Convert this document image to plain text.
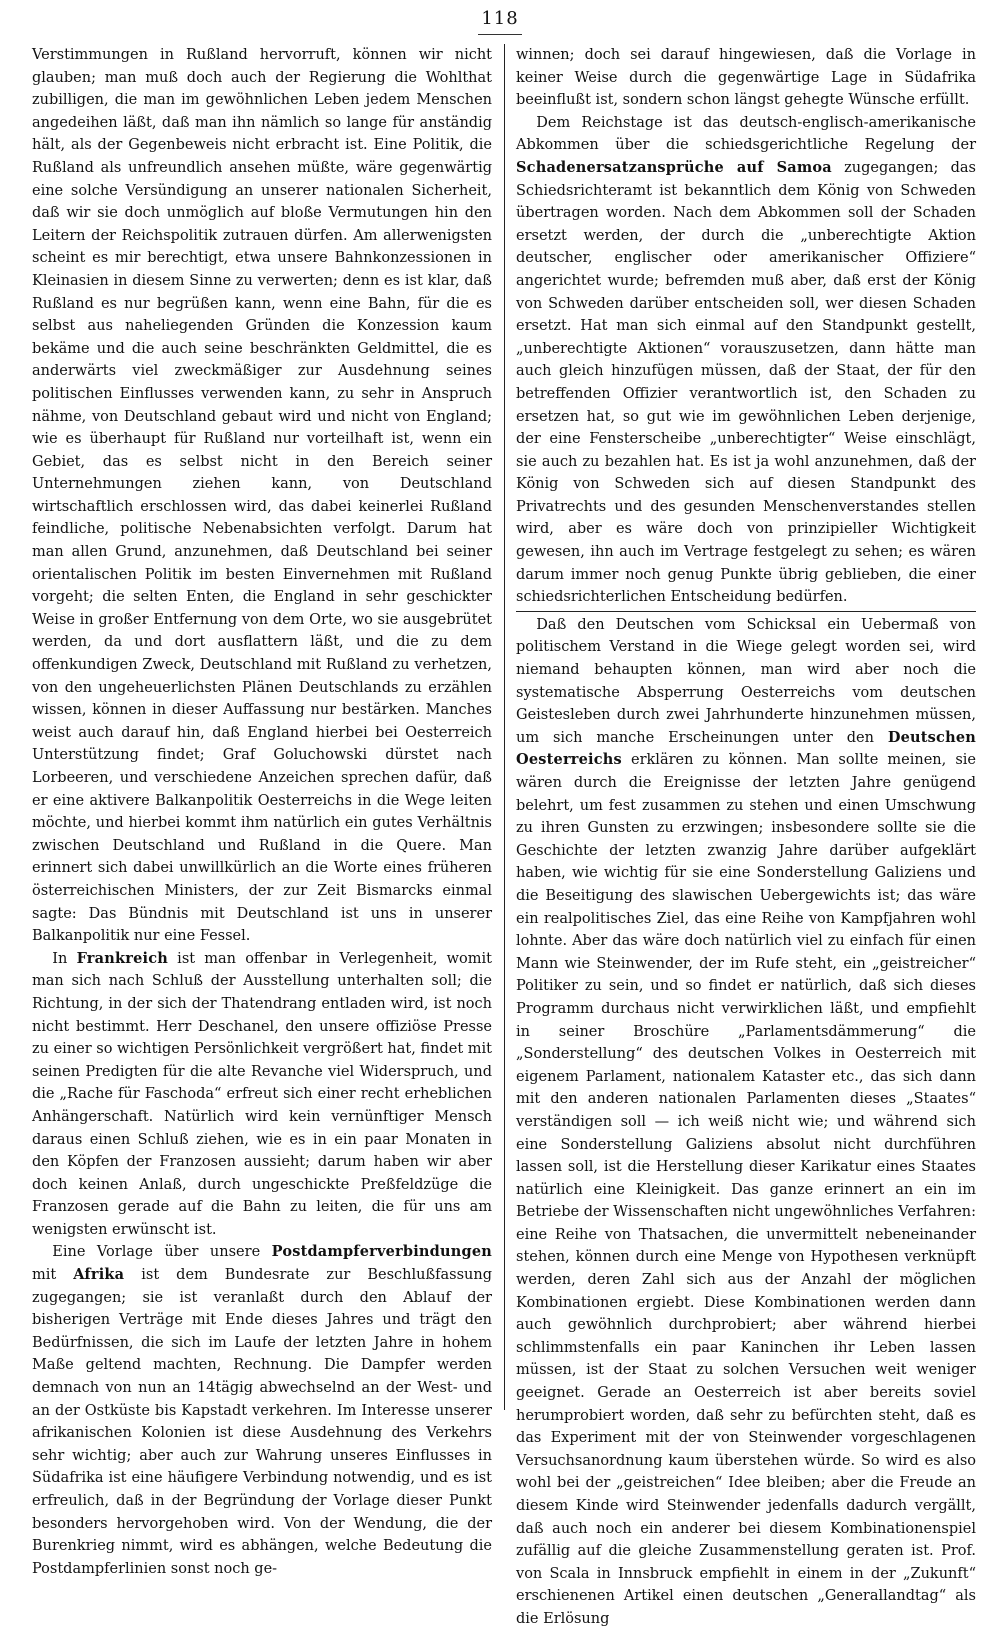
118

Verstimmungen in Rußland hervorruft, können wir nicht glauben; man muß doch auch der Regierung die Wohlthat zubilligen, die man im gewöhnlichen Leben jedem Menschen angedeihen läßt, daß man ihn nämlich so lange für anständig hält, als der Gegenbeweis nicht erbracht ist. Eine Politik, die Rußland als unfreundlich ansehen müßte, wäre gegenwärtig eine solche Versündigung an unserer nationalen Sicherheit, daß wir sie doch unmöglich auf bloße Vermutungen hin den Leitern der Reichspolitik zutrauen dürfen. Am allerwenigsten scheint es mir berechtigt, etwa unsere Bahnkonzessionen in Kleinasien in diesem Sinne zu verwerten; denn es ist klar, daß Rußland es nur begrüßen kann, wenn eine Bahn, für die es selbst aus naheliegenden Gründen die Konzession kaum bekäme und die auch seine beschränkten Geldmittel, die es anderwärts viel zweckmäßiger zur Ausdehnung seines politischen Einflusses verwenden kann, zu sehr in Anspruch nähme, von Deutschland gebaut wird und nicht von England; wie es überhaupt für Rußland nur vorteilhaft ist, wenn ein Gebiet, das es selbst nicht in den Bereich seiner Unternehmungen ziehen kann, von Deutschland wirtschaftlich erschlossen wird, das dabei keinerlei Rußland feindliche, politische Nebenabsichten verfolgt. Darum hat man allen Grund, anzunehmen, daß Deutschland bei seiner orientalischen Politik im besten Einvernehmen mit Rußland vorgeht; die selten Enten, die England in sehr geschickter Weise in großer Entfernung von dem Orte, wo sie ausgebrütet werden, da und dort ausflattern läßt, und die zu dem offenkundigen Zweck, Deutschland mit Rußland zu verhetzen, von den ungeheuerlichsten Plänen Deutschlands zu erzählen wissen, können in dieser Auffassung nur bestärken. Manches weist auch darauf hin, daß England hierbei bei Oesterreich Unterstützung findet; Graf Goluchowski dürstet nach Lorbeeren, und verschiedene Anzeichen sprechen dafür, daß er eine aktivere Balkanpolitik Oesterreichs in die Wege leiten möchte, und hierbei kommt ihm natürlich ein gutes Verhältnis zwischen Deutschland und Rußland in die Quere. Man erinnert sich dabei unwillkürlich an die Worte eines früheren österreichischen Ministers, der zur Zeit Bismarcks einmal sagte: Das Bündnis mit Deutschland ist uns in unserer Balkanpolitik nur eine Fessel.

In Frankreich ist man offenbar in Verlegenheit, womit man sich nach Schluß der Ausstellung unterhalten soll; die Richtung, in der sich der Thatendrang entladen wird, ist noch nicht bestimmt. Herr Deschanel, den unsere offiziöse Presse zu einer so wichtigen Persönlichkeit vergrößert hat, findet mit seinen Predigten für die alte Revanche viel Widerspruch, und die „Rache für Faschoda“ erfreut sich einer recht erheblichen Anhängerschaft. Natürlich wird kein vernünftiger Mensch daraus einen Schluß ziehen, wie es in ein paar Monaten in den Köpfen der Franzosen aussieht; darum haben wir aber doch keinen Anlaß, durch ungeschickte Preßfeldzüge die Franzosen gerade auf die Bahn zu leiten, die für uns am wenigsten erwünscht ist.

Eine Vorlage über unsere Postdampferverbindungen mit Afrika ist dem Bundesrate zur Beschlußfassung zugegangen; sie ist veranlaßt durch den Ablauf der bisherigen Verträge mit Ende dieses Jahres und trägt den Bedürfnissen, die sich im Laufe der letzten Jahre in hohem Maße geltend machten, Rechnung. Die Dampfer werden demnach von nun an 14tägig abwechselnd an der West- und an der Ostküste bis Kapstadt verkehren. Im Interesse unserer afrikanischen Kolonien ist diese Ausdehnung des Verkehrs sehr wichtig; aber auch zur Wahrung unseres Einflusses in Südafrika ist eine häufigere Verbindung notwendig, und es ist erfreulich, daß in der Begründung der Vorlage dieser Punkt besonders hervorgehoben wird. Von der Wendung, die der Burenkrieg nimmt, wird es abhängen, welche Bedeutung die Postdampferlinien sonst noch ge-

winnen; doch sei darauf hingewiesen, daß die Vorlage in keiner Weise durch die gegenwärtige Lage in Südafrika beeinflußt ist, sondern schon längst gehegte Wünsche erfüllt.

Dem Reichstage ist das deutsch-englisch-amerikanische Abkommen über die schiedsgerichtliche Regelung der Schadenersatzansprüche auf Samoa zugegangen; das Schiedsrichteramt ist bekanntlich dem König von Schweden übertragen worden. Nach dem Abkommen soll der Schaden ersetzt werden, der durch die „unberechtigte Aktion deutscher, englischer oder amerikanischer Offiziere“ angerichtet wurde; befremden muß aber, daß erst der König von Schweden darüber entscheiden soll, wer diesen Schaden ersetzt. Hat man sich einmal auf den Standpunkt gestellt, „unberechtigte Aktionen“ vorauszusetzen, dann hätte man auch gleich hinzufügen müssen, daß der Staat, der für den betreffenden Offizier verantwortlich ist, den Schaden zu ersetzen hat, so gut wie im gewöhnlichen Leben derjenige, der eine Fensterscheibe „unberechtigter“ Weise einschlägt, sie auch zu bezahlen hat. Es ist ja wohl anzunehmen, daß der König von Schweden sich auf diesen Standpunkt des Privatrechts und des gesunden Menschenverstandes stellen wird, aber es wäre doch von prinzipieller Wichtigkeit gewesen, ihn auch im Vertrage festgelegt zu sehen; es wären darum immer noch genug Punkte übrig geblieben, die einer schiedsrichterlichen Entscheidung bedürfen.

Daß den Deutschen vom Schicksal ein Uebermaß von politischem Verstand in die Wiege gelegt worden sei, wird niemand behaupten können, man wird aber noch die systematische Absperrung Oesterreichs vom deutschen Geistesleben durch zwei Jahrhunderte hinzunehmen müssen, um sich manche Erscheinungen unter den Deutschen Oesterreichs erklären zu können. Man sollte meinen, sie wären durch die Ereignisse der letzten Jahre genügend belehrt, um fest zusammen zu stehen und einen Umschwung zu ihren Gunsten zu erzwingen; insbesondere sollte sie die Geschichte der letzten zwanzig Jahre darüber aufgeklärt haben, wie wichtig für sie eine Sonderstellung Galiziens und die Beseitigung des slawischen Uebergewichts ist; das wäre ein realpolitisches Ziel, das eine Reihe von Kampfjahren wohl lohnte. Aber das wäre doch natürlich viel zu einfach für einen Mann wie Steinwender, der im Rufe steht, ein „geistreicher“ Politiker zu sein, und so findet er natürlich, daß sich dieses Programm durchaus nicht verwirklichen läßt, und empfiehlt in seiner Broschüre „Parlamentsdämmerung“ die „Sonderstellung“ des deutschen Volkes in Oesterreich mit eigenem Parlament, nationalem Kataster etc., das sich dann mit den anderen nationalen Parlamenten dieses „Staates“ verständigen soll — ich weiß nicht wie; und während sich eine Sonderstellung Galiziens absolut nicht durchführen lassen soll, ist die Herstellung dieser Karikatur eines Staates natürlich eine Kleinigkeit. Das ganze erinnert an ein im Betriebe der Wissenschaften nicht ungewöhnliches Verfahren: eine Reihe von Thatsachen, die unvermittelt nebeneinander stehen, können durch eine Menge von Hypothesen verknüpft werden, deren Zahl sich aus der Anzahl der möglichen Kombinationen ergiebt. Diese Kombinationen werden dann auch gewöhnlich durchprobiert; aber während hierbei schlimmstenfalls ein paar Kaninchen ihr Leben lassen müssen, ist der Staat zu solchen Versuchen weit weniger geeignet. Gerade an Oesterreich ist aber bereits soviel herumprobiert worden, daß sehr zu befürchten steht, daß es das Experiment mit der von Steinwender vorgeschlagenen Versuchsanordnung kaum überstehen würde. So wird es also wohl bei der „geistreichen“ Idee bleiben; aber die Freude an diesem Kinde wird Steinwender jedenfalls dadurch vergällt, daß auch noch ein anderer bei diesem Kombinationenspiel zufällig auf die gleiche Zusammenstellung geraten ist. Prof. von Scala in Innsbruck empfiehlt in einem in der „Zukunft“ erschienenen Artikel einen deutschen „Generallandtag“ als die Erlösung
